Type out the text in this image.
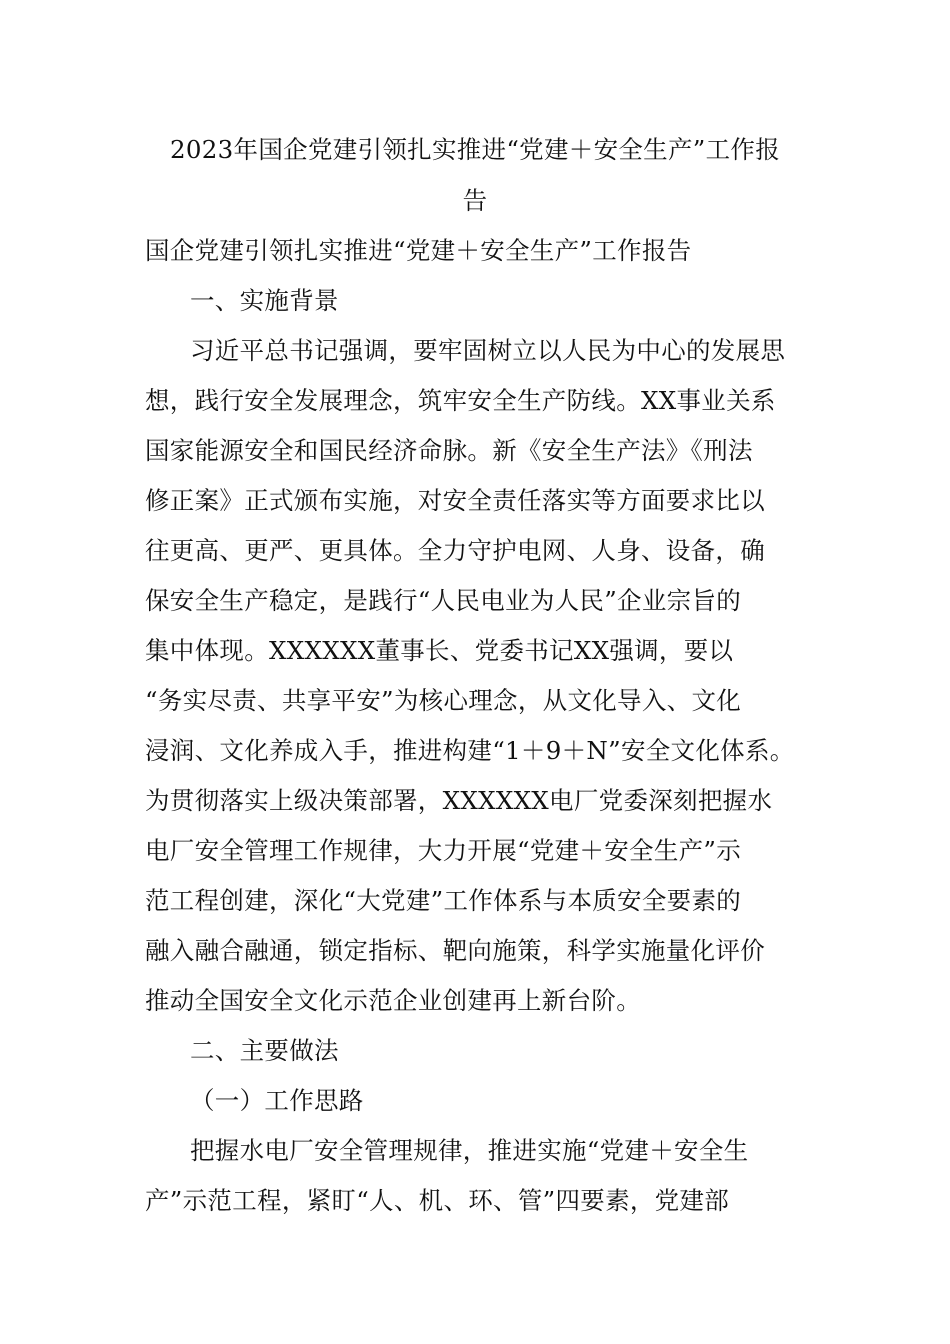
2023年国企党建引领扎实推进“党建＋安全生产”工作报
告
国企党建引领扎实推进“党建＋安全生产”工作报告
一、实施背景
习近平总书记强调，要牢固树立以人民为中心的发展思
想，践行安全发展理念，筑牢安全生产防线。XX事业关系
国家能源安全和国民经济命脉。新《安全生产法》《刑法
修正案》正式颁布实施，对安全责任落实等方面要求比以
往更高、更严、更具体。全力守护电网、人身、设备，确
保安全生产稳定，是践行“人民电业为人民”企业宗旨的
集中体现。XXXXXX董事长、党委书记XX强调，要以
“务实尽责、共享平安”为核心理念，从文化导入、文化
浸润、文化养成入手，推进构建“1＋9＋N”安全文化体系。
为贯彻落实上级决策部署，XXXXXX电厂党委深刻把握水
电厂安全管理工作规律，大力开展“党建＋安全生产”示
范工程创建，深化“大党建”工作体系与本质安全要素的
融入融合融通，锁定指标、靶向施策，科学实施量化评价
推动全国安全文化示范企业创建再上新台阶。
二、主要做法
（一）工作思路
把握水电厂安全管理规律，推进实施“党建＋安全生
产”示范工程，紧盯“人、机、环、管”四要素，党建部
